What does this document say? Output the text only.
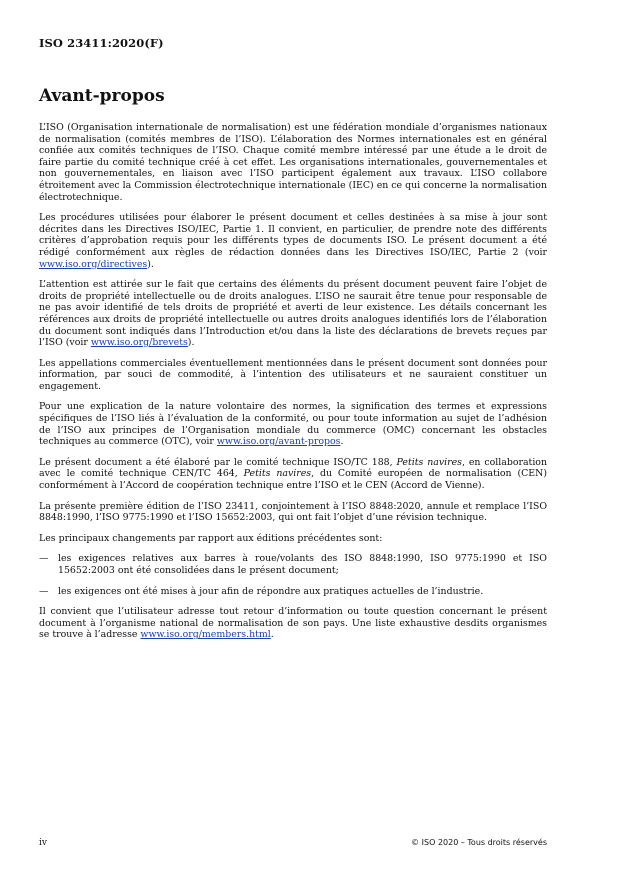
ISO 23411:2020(F)
Avant-propos

L’ISO (Organisation internationale de normalisation) est une fédération mondiale d’organismes nationaux de normalisation (comités membres de l’ISO). L’élaboration des Normes internationales est en général confiée aux comités techniques de l’ISO. Chaque comité membre intéressé par une étude a le droit de faire partie du comité technique créé à cet effet. Les organisations internationales, gouvernementales et non gouvernementales, en liaison avec l’ISO participent également aux travaux. L’ISO collabore étroitement avec la Commission électrotechnique internationale (IEC) en ce qui concerne la normalisation électrotechnique.

Les procédures utilisées pour élaborer le présent document et celles destinées à sa mise à jour sont décrites dans les Directives ISO/IEC, Partie 1. Il convient, en particulier, de prendre note des différents critères d’approbation requis pour les différents types de documents ISO. Le présent document a été rédigé conformément aux règles de rédaction données dans les Directives ISO/IEC, Partie 2 (voir www.iso.org/directives).

L’attention est attirée sur le fait que certains des éléments du présent document peuvent faire l’objet de droits de propriété intellectuelle ou de droits analogues. L’ISO ne saurait être tenue pour responsable de ne pas avoir identifié de tels droits de propriété et averti de leur existence. Les détails concernant les références aux droits de propriété intellectuelle ou autres droits analogues identifiés lors de l’élaboration du document sont indiqués dans l’Introduction et/ou dans la liste des déclarations de brevets reçues par l’ISO (voir www.iso.org/brevets).

Les appellations commerciales éventuellement mentionnées dans le présent document sont données pour information, par souci de commodité, à l’intention des utilisateurs et ne sauraient constituer un engagement.

Pour une explication de la nature volontaire des normes, la signification des termes et expressions spécifiques de l’ISO liés à l’évaluation de la conformité, ou pour toute information au sujet de l’adhésion de l’ISO aux principes de l’Organisation mondiale du commerce (OMC) concernant les obstacles techniques au commerce (OTC), voir www.iso.org/avant-propos.

Le présent document a été élaboré par le comité technique ISO/TC 188, Petits navires, en collaboration avec le comité technique CEN/TC 464, Petits navires, du Comité européen de normalisation (CEN) conformément à l’Accord de coopération technique entre l’ISO et le CEN (Accord de Vienne).

La présente première édition de l’ISO 23411, conjointement à l’ISO 8848:2020, annule et remplace l’ISO 8848:1990, l’ISO 9775:1990 et l’ISO 15652:2003, qui ont fait l’objet d’une révision technique.

Les principaux changements par rapport aux éditions précédentes sont:

—	les exigences relatives aux barres à roue/volants des ISO 8848:1990, ISO 9775:1990 et ISO 15652:2003 ont été consolidées dans le présent document;
—	les exigences ont été mises à jour afin de répondre aux pratiques actuelles de l’industrie.

Il convient que l’utilisateur adresse tout retour d’information ou toute question concernant le présent document à l’organisme national de normalisation de son pays. Une liste exhaustive desdits organismes se trouve à l’adresse www.iso.org/members.html.

iv	© ISO 2020 – Tous droits réservés
